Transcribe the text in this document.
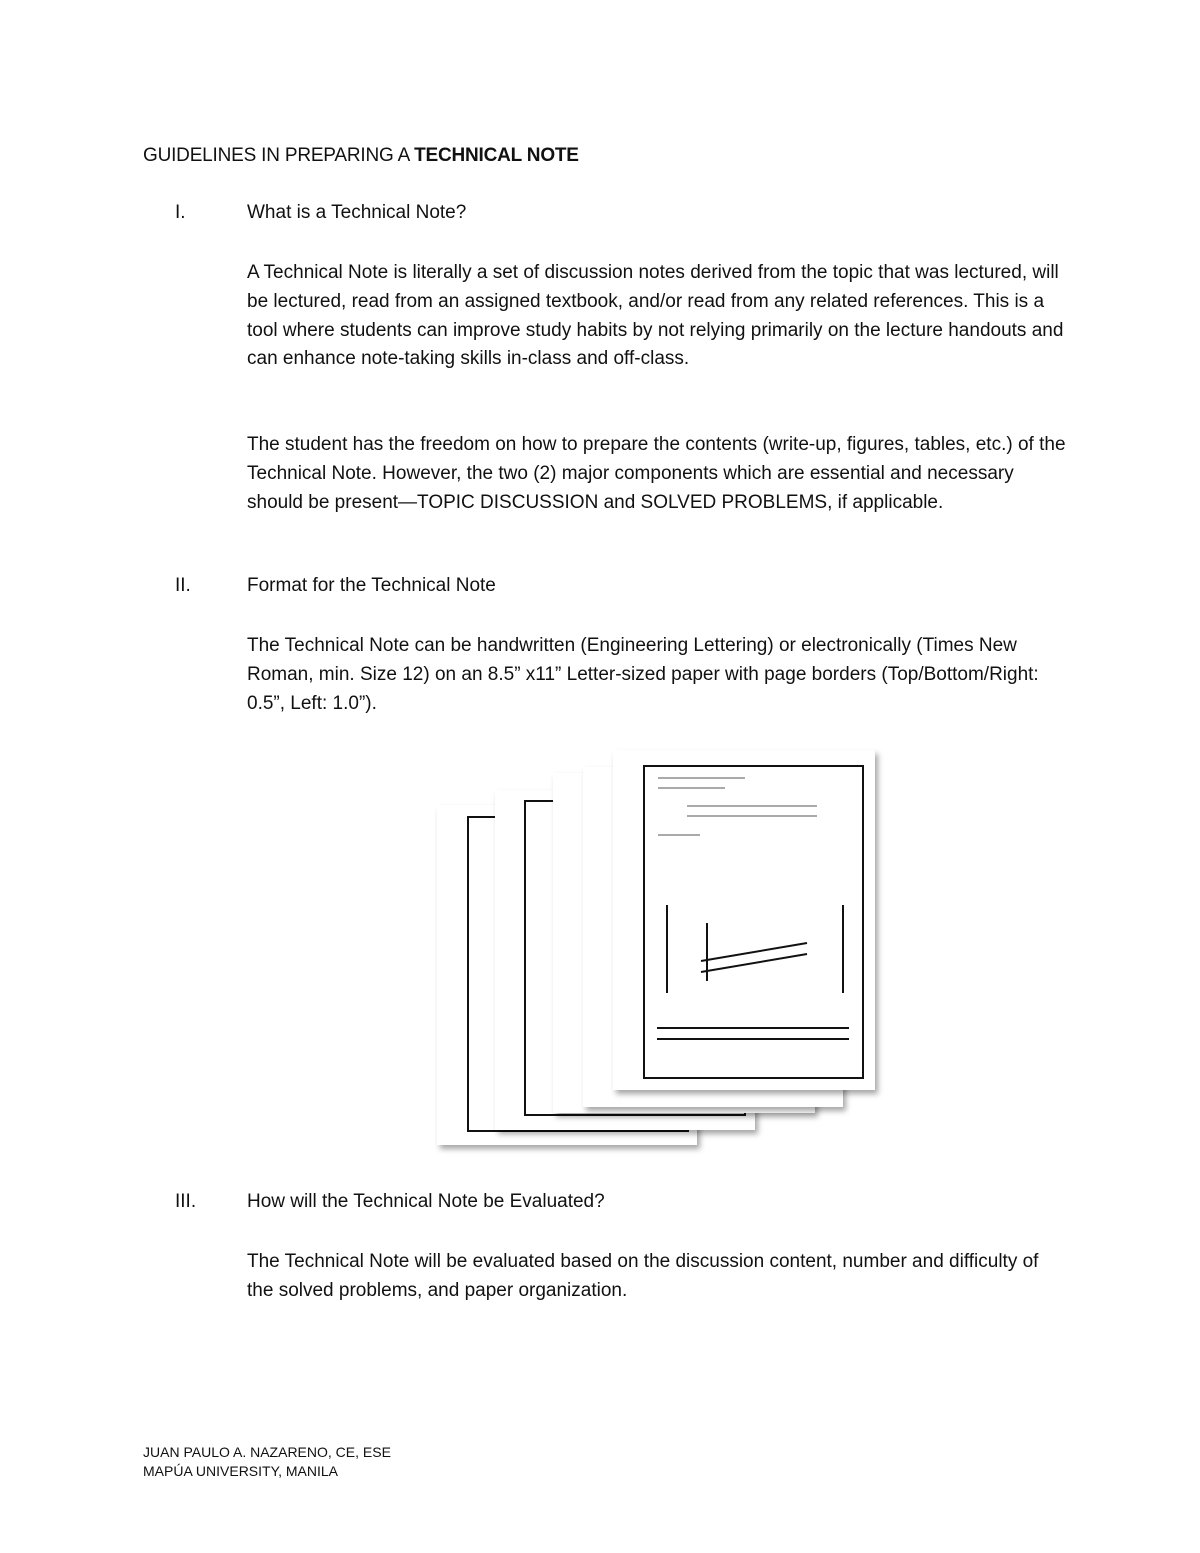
GUIDELINES IN PREPARING A TECHNICAL NOTE
I.	What is a Technical Note?

A Technical Note is literally a set of discussion notes derived from the topic that was lectured, will be lectured, read from an assigned textbook, and/or read from any related references. This is a tool where students can improve study habits by not relying primarily on the lecture handouts and can enhance note-taking skills in-class and off-class.

The student has the freedom on how to prepare the contents (write-up, figures, tables, etc.) of the Technical Note. However, the two (2) major components which are essential and necessary should be present—TOPIC DISCUSSION and SOLVED PROBLEMS, if applicable.

II.	Format for the Technical Note

The Technical Note can be handwritten (Engineering Lettering) or electronically (Times New Roman, min. Size 12) on an 8.5” x11” Letter-sized paper with page borders (Top/Bottom/Right: 0.5”, Left: 1.0”).

III.	How will the Technical Note be Evaluated?

The Technical Note will be evaluated based on the discussion content, number and difficulty of the solved problems, and paper organization.

JUAN PAULO A. NAZARENO, CE, ESE
MAPÚA UNIVERSITY, MANILA
